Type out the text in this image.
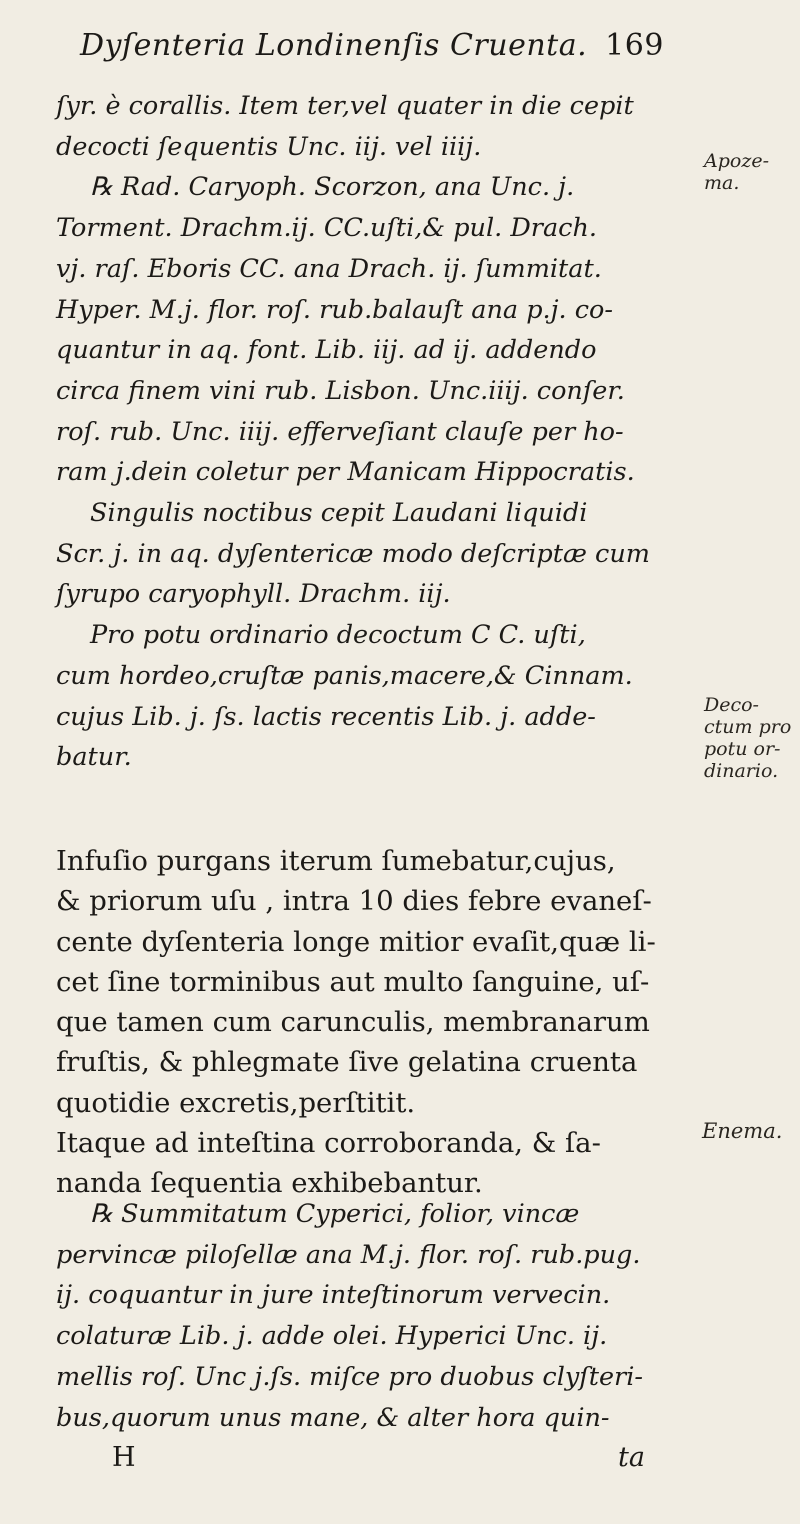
Dyſenteria Londinenſis Cruenta. 169

ſyr. è corallis. Item ter,vel quater in die cepit

decocti ſequentis Unc. iij. vel iiij.

℞ Rad. Caryoph. Scorzon, ana Unc. j.

Torment. Drachm.ij. CC.uſti,& pul. Drach.

vj. raſ. Eboris CC. ana Drach. ij. ſummitat.

Hyper. M.j. flor. roſ. rub.balauſt ana p.j. co-

quantur in aq. font. Lib. iij. ad ij. addendo

circa finem vini rub. Lisbon. Unc.iiij. conſer.

roſ. rub. Unc. iiij. efferveſiant clauſe per ho-

ram j.dein coletur per Manicam Hippocratis.

Singulis noctibus cepit Laudani liquidi

Scr. j. in aq. dyſentericæ modo deſcriptæ cum

ſyrupo caryophyll. Drachm. iij.

Pro potu ordinario decoctum C C. uſti,

cum hordeo,cruſtæ panis,macere,& Cinnam.

cujus Lib. j. ſs. lactis recentis Lib. j. adde-

batur.

Infuſio purgans iterum ſumebatur,cujus,

& priorum uſu , intra 10 dies febre evaneſ-

cente dyſenteria longe mitior evaſit,quæ li-

cet ſine torminibus aut multo ſanguine, uſ-

que tamen cum carunculis, membranarum

fruſtis, & phlegmate ſive gelatina cruenta

quotidie excretis,perſtitit.

Itaque ad inteſtina corroboranda, & ſa-

nanda ſequentia exhibebantur.

℞ Summitatum Cyperici, folior, vincæ

pervincæ piloſellæ ana M.j. flor. roſ. rub.pug.

ij. coquantur in jure inteſtinorum vervecin.

colaturæ Lib. j. adde olei. Hyperici Unc. ij.

mellis roſ. Unc j.ſs. miſce pro duobus clyſteri-

bus,quorum unus mane, & alter hora quin-

Apoze-
ma.
Deco-
ctum pro
potu or-
dinario.
Enema.
H	ta
